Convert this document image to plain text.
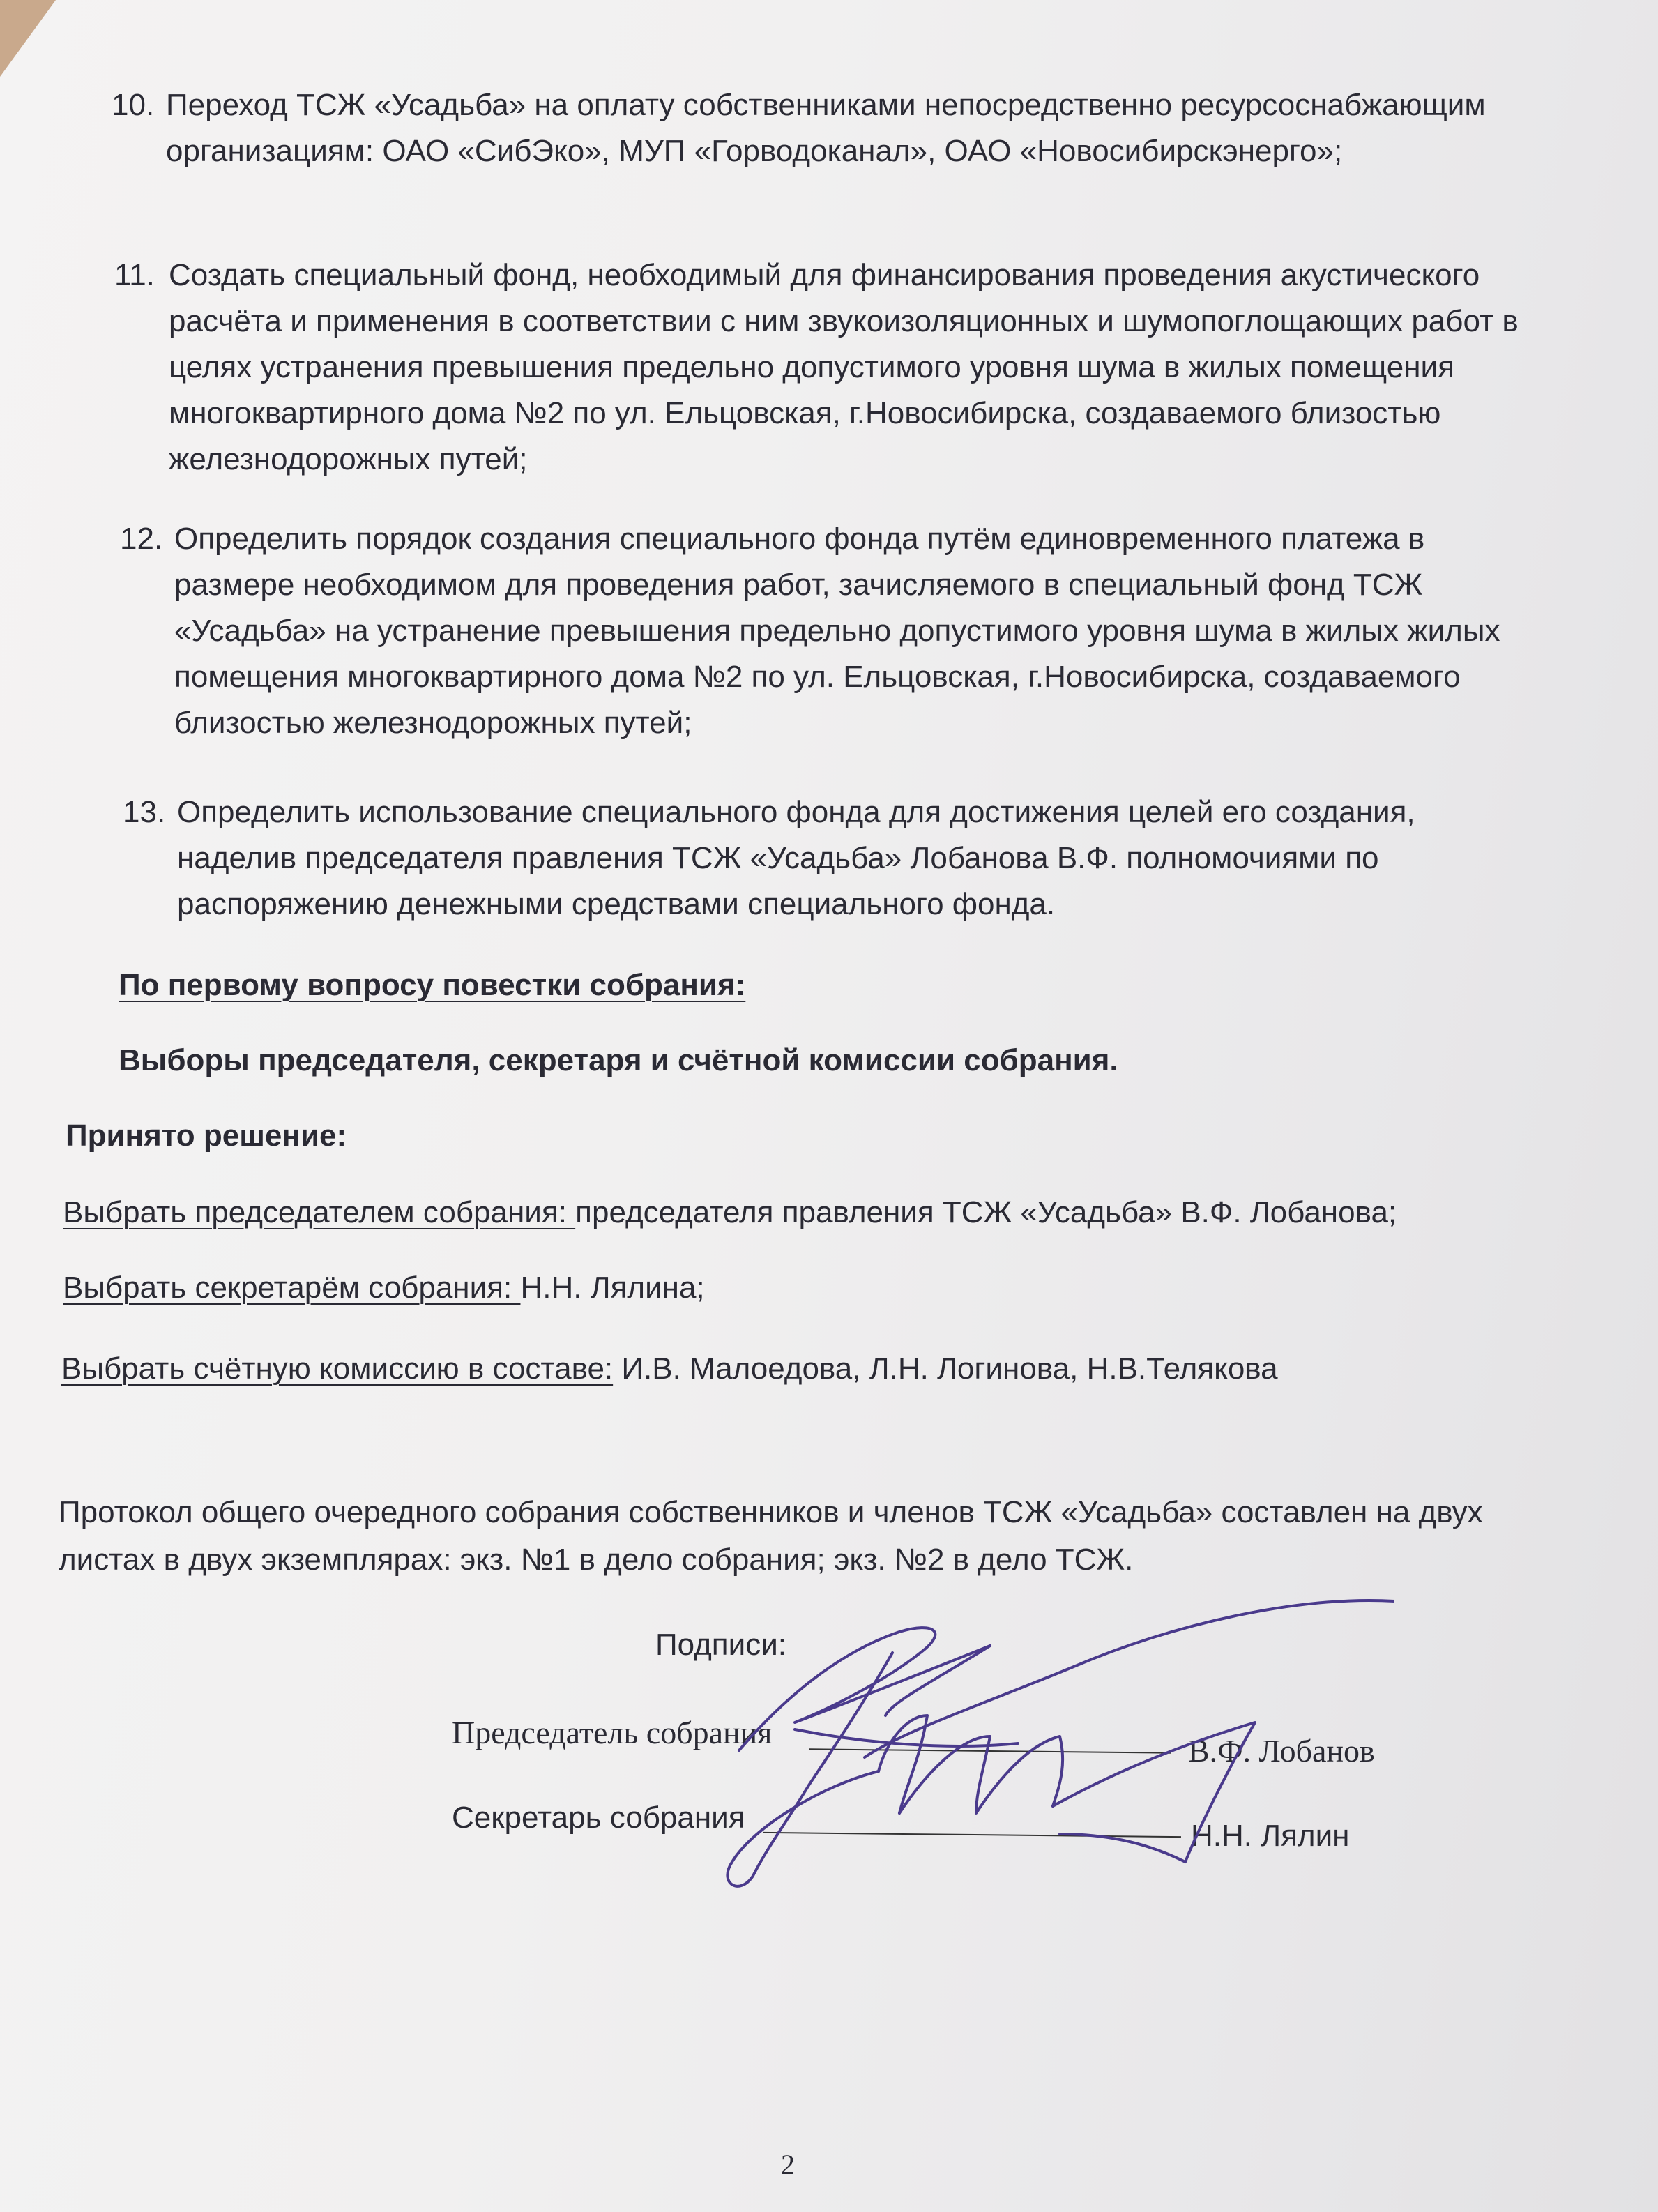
10. Переход ТСЖ «Усадьба» на оплату собственниками непосредственно ресурсоснабжающим
организациям: ОАО «СибЭко», МУП «Горводоканал», ОАО «Новосибирскэнерго»;
11. Создать специальный фонд, необходимый для финансирования проведения акустического
расчёта и применения в соответствии с ним звукоизоляционных и шумопоглощающих работ в
целях устранения превышения предельно допустимого уровня шума в жилых помещения
многоквартирного дома №2 по ул. Ельцовская, г.Новосибирска, создаваемого близостью
железнодорожных путей;
12. Определить порядок создания специального фонда путём единовременного платежа в
размере необходимом для проведения работ, зачисляемого в специальный фонд ТСЖ
«Усадьба» на устранение превышения предельно допустимого уровня шума в жилых жилых
помещения многоквартирного дома №2 по ул. Ельцовская, г.Новосибирска, создаваемого
близостью железнодорожных путей;
13. Определить использование специального фонда для достижения целей его создания,
наделив председателя правления ТСЖ «Усадьба» Лобанова В.Ф. полномочиями по
распоряжению денежными средствами специального фонда.
По первому вопросу повестки собрания:
Выборы председателя, секретаря и счётной комиссии собрания.
Принято решение:
Выбрать председателем собрания: председателя правления ТСЖ «Усадьба» В.Ф. Лобанова;
Выбрать секретарём собрания: Н.Н. Лялина;
Выбрать счётную комиссию в составе: И.В. Малоедова, Л.Н. Логинова, Н.В.Телякова
Протокол общего очередного собрания собственников и членов ТСЖ «Усадьба» составлен на двух
листах в двух экземплярах: экз. №1 в дело собрания; экз. №2 в дело ТСЖ.
Подписи:
Председатель собрания
В.Ф. Лобанов
Секретарь собрания
Н.Н. Лялин
2
